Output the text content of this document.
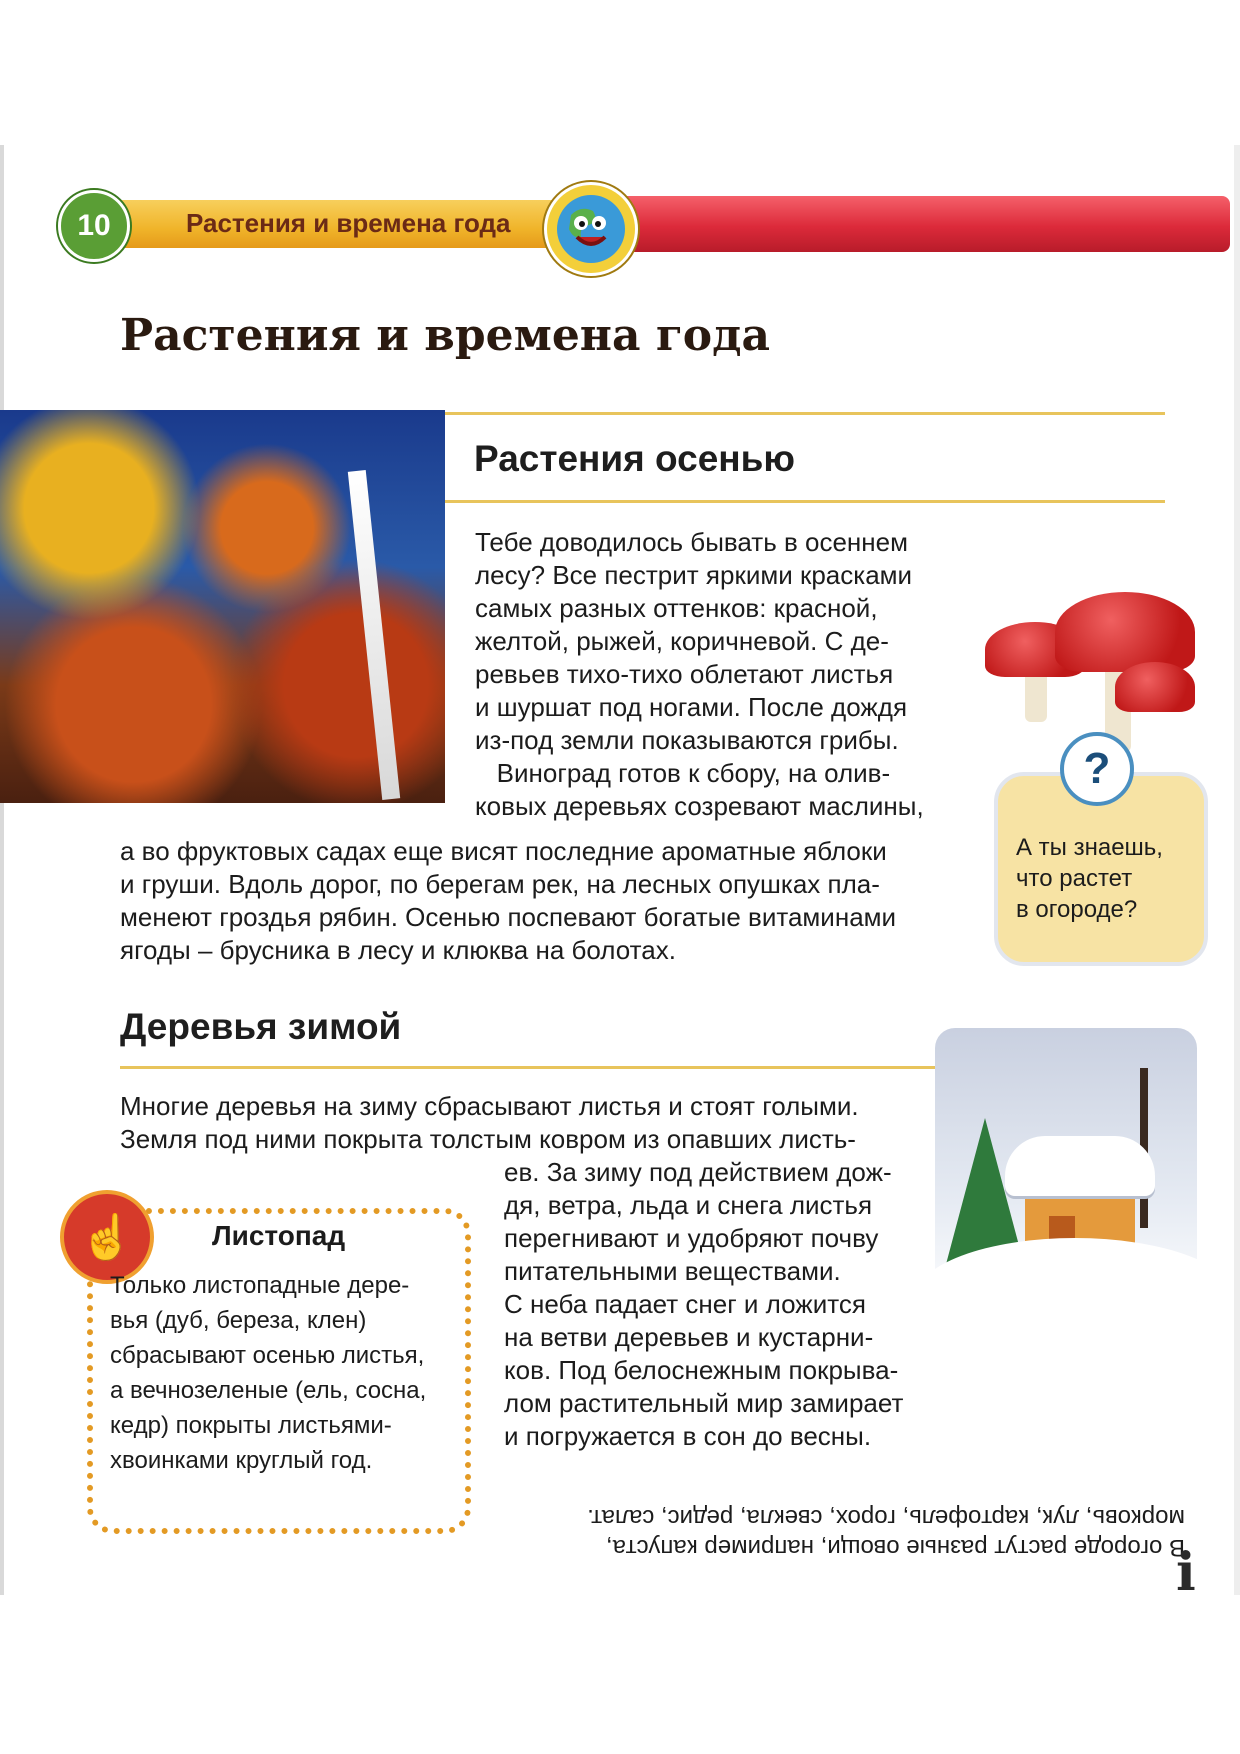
10	Растения и времена года
Растения и времена года
Растения осенью
Тебе доводилось бывать в осеннем
лесу? Все пестрит яркими красками
самых разных оттенков: красной,
желтой, рыжей, коричневой. С де-
ревьев тихо-тихо облетают листья
и шуршат под ногами. После дождя
из-под земли показываются грибы.
Виноград готов к сбору, на олив-
ковых деревьях созревают маслины,
а во фруктовых садах еще висят последние ароматные яблоки
и груши. Вдоль дорог, по берегам рек, на лесных опушках пла-
менеют гроздья рябин. Осенью поспевают богатые витаминами
ягоды – брусника в лесу и клюква на болотах.
?
А ты знаешь,
что растет
в огороде?
Деревья зимой
Многие деревья на зиму сбрасывают листья и стоят голыми.
Земля под ними покрыта толстым ковром из опавших листь-
ев. За зиму под действием дож-
дя, ветра, льда и снега листья
перегнивают и удобряют почву
питательными веществами.
С неба падает снег и ложится
на ветви деревьев и кустарни-
ков. Под белоснежным покрыва-
лом растительный мир замирает
и погружается в сон до весны.
☝	Листопад
Только листопадные дере-
вья (дуб, береза, клен)
сбрасывают осенью листья,
а вечнозеленые (ель, сосна,
кедр) покрыты листьями-
хвоинками круглый год.
В огороде растут разные овощи, например капуста,
морковь, лук, картофель, горох, свекла, редис, салат.
i
